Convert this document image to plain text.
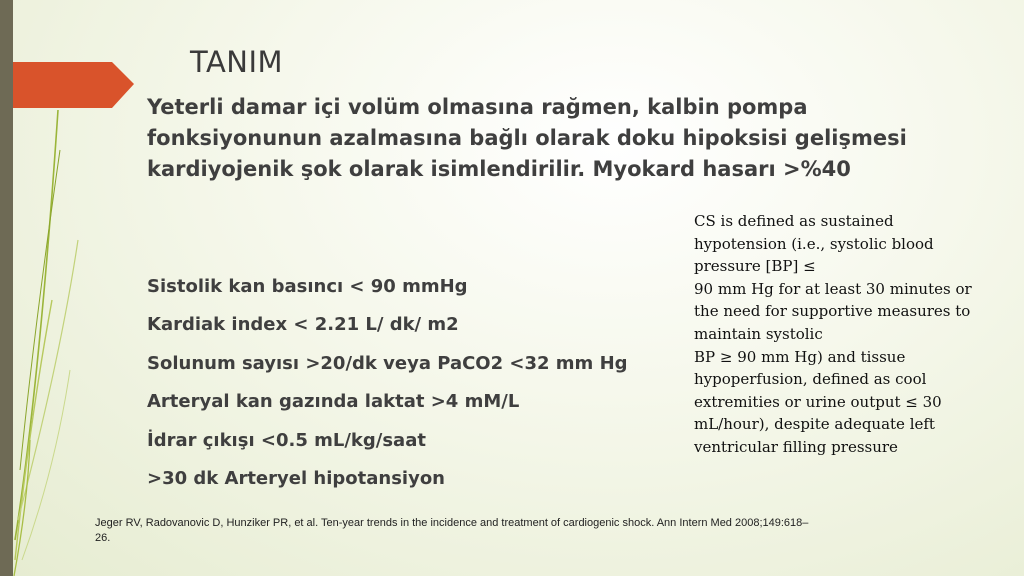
TANIM
Yeterli damar içi volüm olmasına rağmen, kalbin pompa fonksiyonunun azalmasına bağlı olarak doku hipoksisi gelişmesi kardiyojenik şok olarak isimlendirilir. Myokard hasarı >%40
Sistolik kan basıncı < 90 mmHg
Kardiak index < 2.21 L/ dk/ m2
Solunum sayısı >20/dk veya PaCO2 <32 mm Hg
Arteryal kan gazında laktat >4 mM/L
İdrar çıkışı <0.5 mL/kg/saat
>30 dk Arteryel hipotansiyon
CS is defined as sustained
hypotension (i.e., systolic blood
pressure [BP] ≤
90 mm Hg for at least 30 minutes or
the need for supportive measures to
maintain systolic
BP ≥ 90 mm Hg) and tissue
hypoperfusion, defined as cool
extremities or urine output ≤ 30
mL/hour), despite adequate left
ventricular filling pressure
Jeger RV, Radovanovic D, Hunziker PR, et al. Ten-year trends in the incidence and treatment of cardiogenic shock. Ann Intern Med 2008;149:618–26.
